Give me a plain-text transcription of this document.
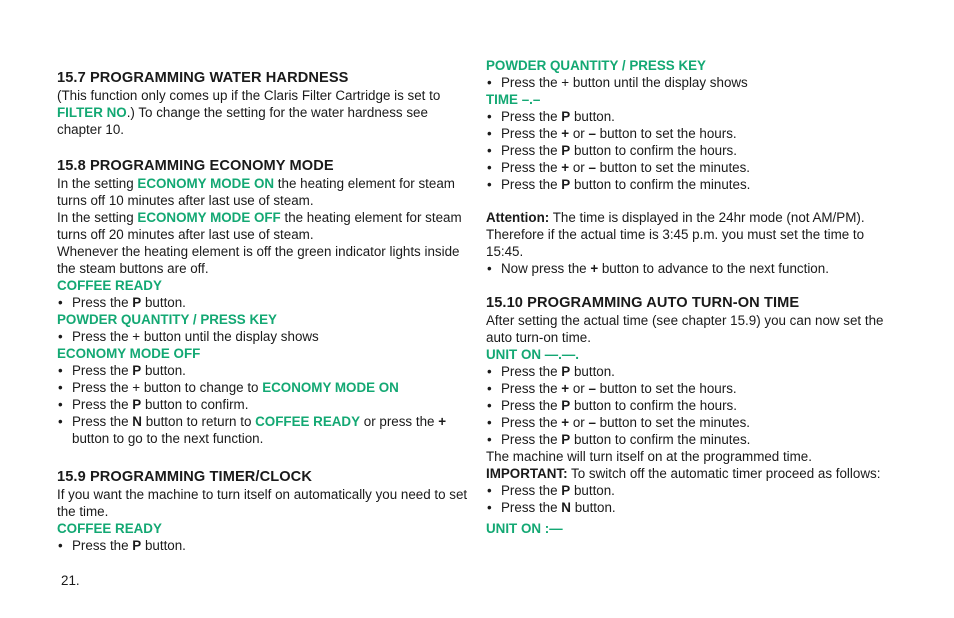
15.7 PROGRAMMING WATER HARDNESS

(This function only comes up if the Claris Filter Cartridge is set to FILTER NO.) To change the setting for the water hardness see chapter 10.

15.8 PROGRAMMING ECONOMY MODE

In the setting ECONOMY MODE ON the heating element for steam turns off 10 minutes after last use of steam.

In the setting ECONOMY MODE OFF the heating element for steam turns off 20 minutes after last use of steam.

Whenever the heating element is off the green indicator lights inside the steam buttons are off.

COFFEE READY

• Press the P button.

POWDER QUANTITY / PRESS KEY

• Press the + button until the display shows

ECONOMY MODE OFF

• Press the P button.
• Press the + button to change to ECONOMY MODE ON
• Press the P button to confirm.
• Press the N button to return to COFFEE READY or press the + button to go to the next function.
15.9 PROGRAMMING TIMER/CLOCK

If you want the machine to turn itself on automatically you need to set the time.

COFFEE READY

• Press the P button.

POWDER QUANTITY / PRESS KEY

• Press the + button until the display shows

TIME –.–

• Press the P button.
• Press the + or – button to set the hours.
• Press the P button to confirm the hours.
• Press the + or – button to set the minutes.
• Press the P button to confirm the minutes.

Attention: The time is displayed in the 24hr mode (not AM/PM). Therefore if the actual time is 3:45 p.m. you must set the time to 15:45.

• Now press the + button to advance to the next function.
15.10 PROGRAMMING AUTO TURN-ON TIME

After setting the actual time (see chapter 15.9) you can now set the auto turn-on time.

UNIT ON —.—.

• Press the P button.
• Press the + or – button to set the hours.
• Press the P button to confirm the hours.
• Press the + or – button to set the minutes.
• Press the P button to confirm the minutes.

The machine will turn itself on at the programmed time.

IMPORTANT: To switch off the automatic timer proceed as follows:

• Press the P button.
• Press the N button.

UNIT ON :—

21.
